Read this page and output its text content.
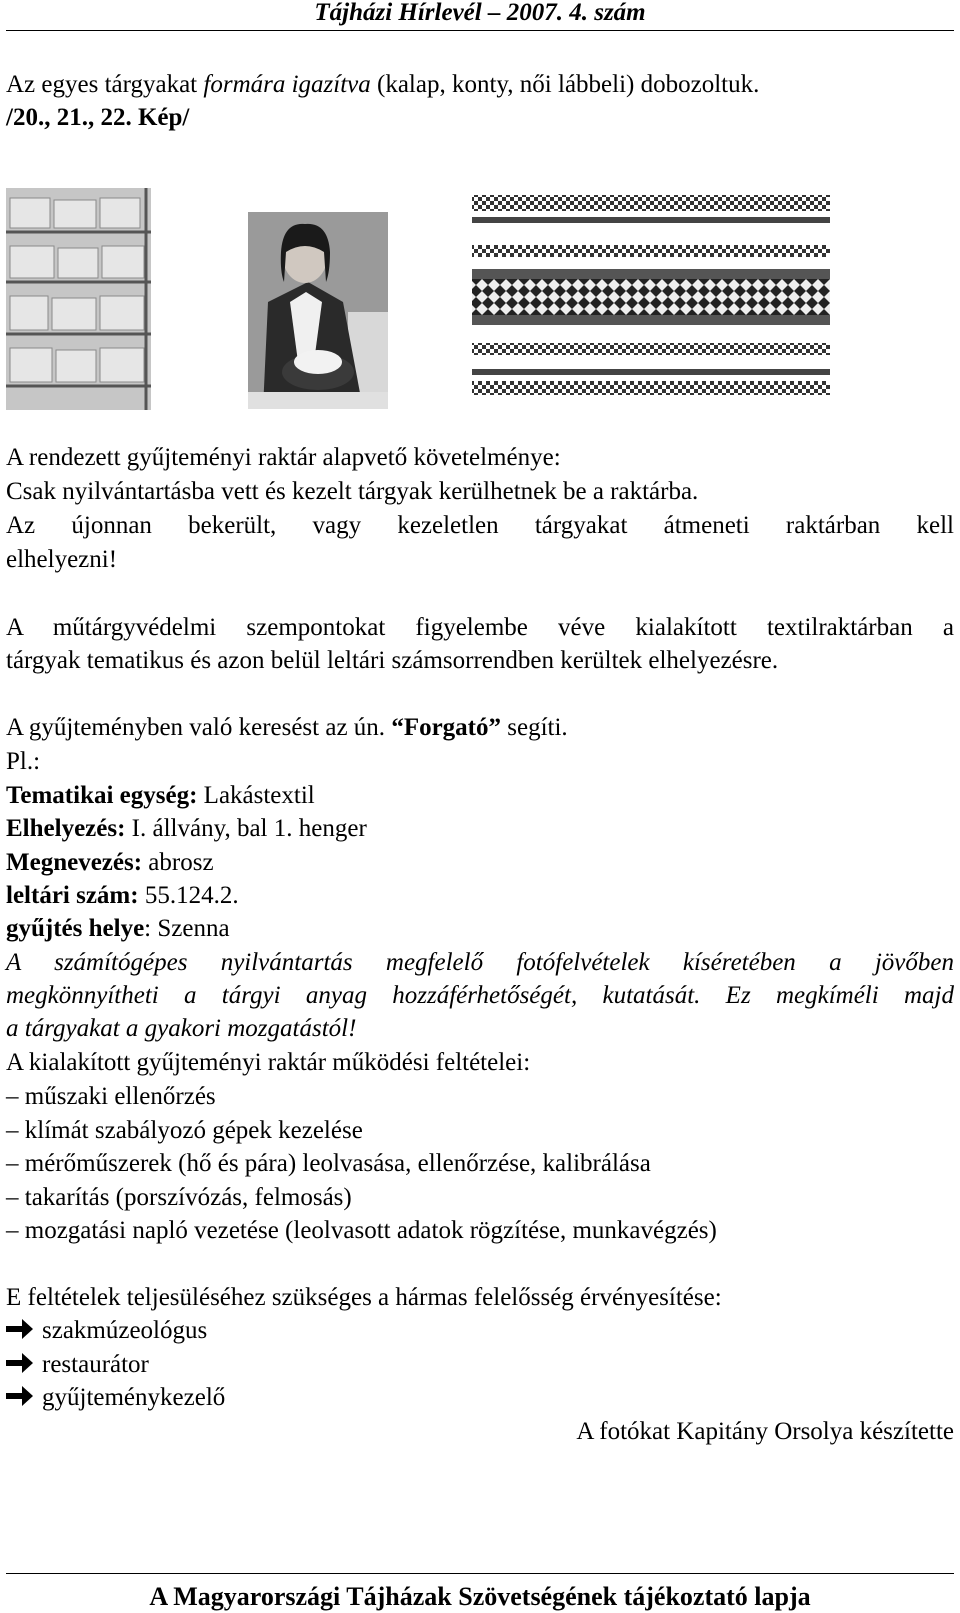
Tájházi Hírlevél – 2007. 4. szám
Az egyes tárgyakat formára igazítva (kalap, konty, női lábbeli) dobozoltuk.
/20., 21., 22. Kép/
A rendezett gyűjteményi raktár alapvető követelménye:
Csak nyilvántartásba vett és kezelt tárgyak kerülhetnek be a raktárba.
Az újonnan bekerült, vagy kezeletlen tárgyakat átmeneti raktárban kell
elhelyezni!
A műtárgyvédelmi szempontokat figyelembe véve kialakított textilraktárban a
tárgyak tematikus és azon belül leltári számsorrendben kerültek elhelyezésre.
A gyűjteményben való keresést az ún. “Forgató” segíti.
Pl.:
Tematikai egység: Lakástextil
Elhelyezés: I. állvány, bal 1. henger
Megnevezés: abrosz
leltári szám: 55.124.2.
gyűjtés helye: Szenna
A számítógépes nyilvántartás megfelelő fotófelvételek kíséretében a jövőben
megkönnyítheti a tárgyi anyag hozzáférhetőségét, kutatását. Ez megkíméli majd
a tárgyakat a gyakori mozgatástól!
A kialakított gyűjteményi raktár működési feltételei:
– műszaki ellenőrzés
– klímát szabályozó gépek kezelése
– mérőműszerek (hő és pára) leolvasása, ellenőrzése, kalibrálása
– takarítás (porszívózás, felmosás)
– mozgatási napló vezetése (leolvasott adatok rögzítése, munkavégzés)
E feltételek teljesüléséhez szükséges a hármas felelősség érvényesítése:
szakmúzeológus
restaurátor
gyűjteménykezelő
A fotókat Kapitány Orsolya készítette
A Magyarországi Tájházak Szövetségének tájékoztató lapja
